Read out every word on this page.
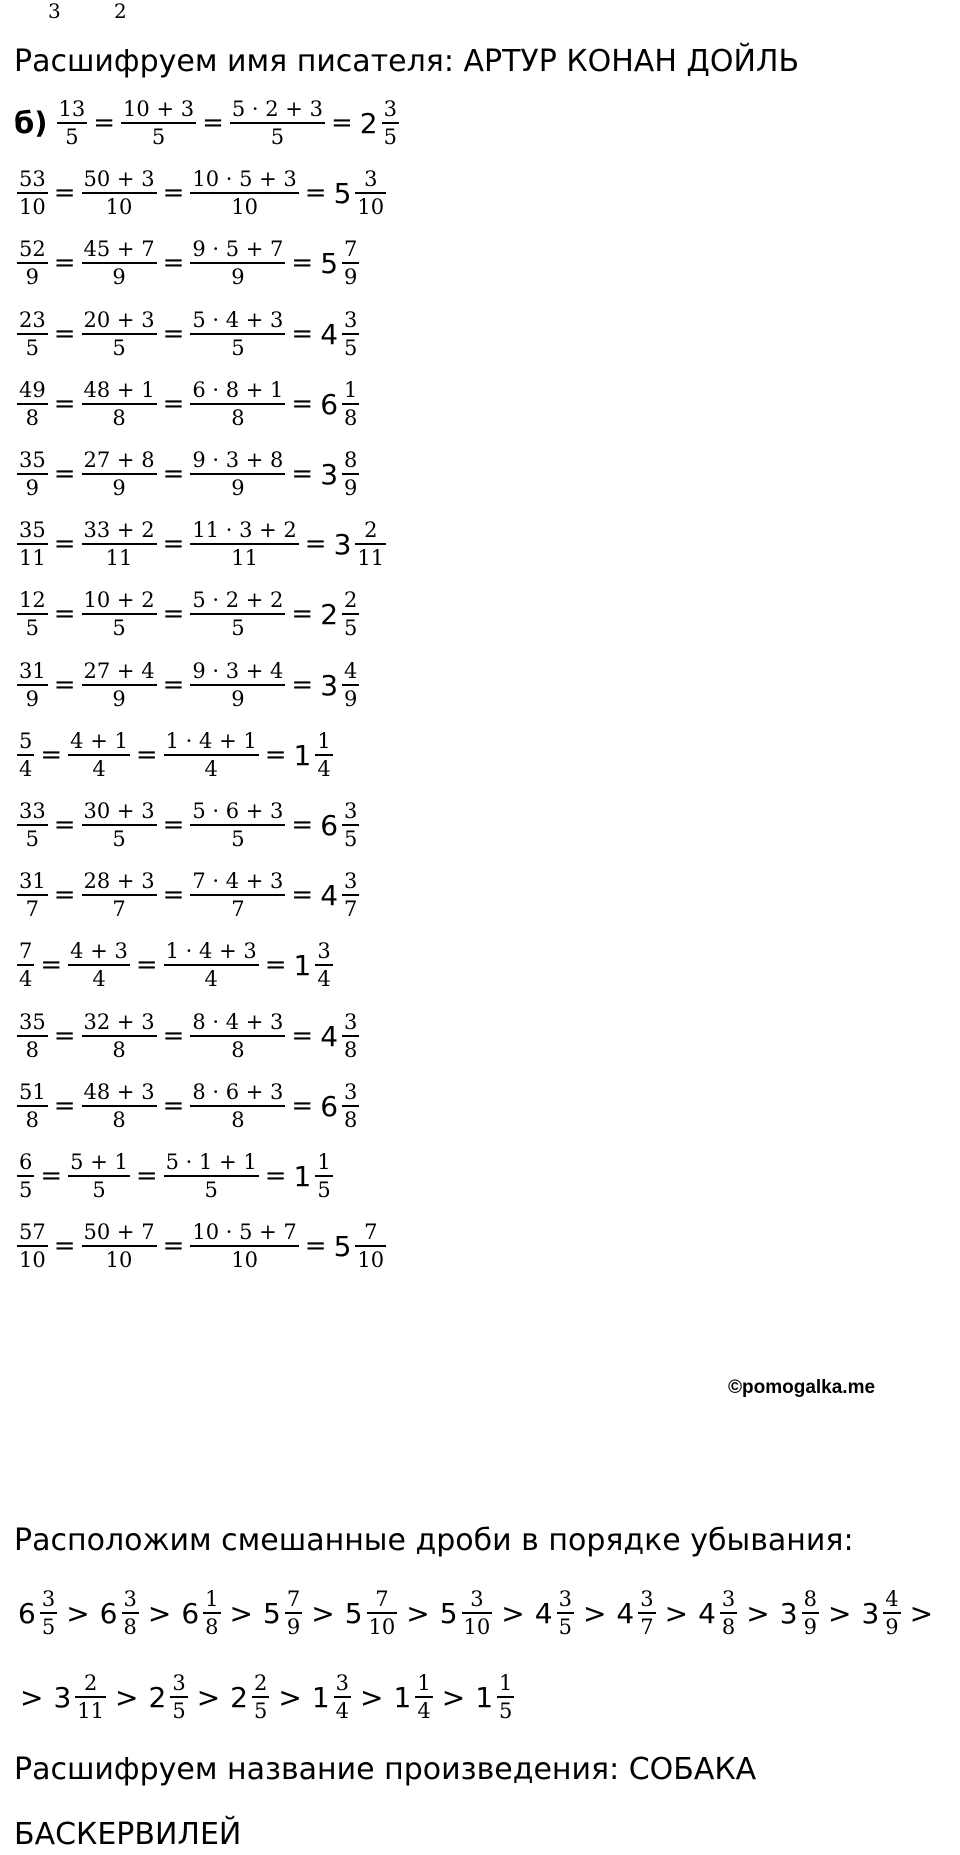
3	2
Расшифруем имя писателя: АРТУР КОНАН ДОЙЛЬ
$б) \frac{13}{5} = \frac{10 + 3}{5} = \frac{5 \cdot 2 + 3}{5} = 2 \frac{3}{5}$
$\frac{53}{10} = \frac{50 + 3}{10} = \frac{10 \cdot 5 + 3}{10} = 5 \frac{3}{10}$
$\frac{52}{9} = \frac{45 + 7}{9} = \frac{9 \cdot 5 + 7}{9} = 5 \frac{7}{9}$
$\frac{23}{5} = \frac{20 + 3}{5} = \frac{5 \cdot 4 + 3}{5} = 4 \frac{3}{5}$
$\frac{49}{8} = \frac{48 + 1}{8} = \frac{6 \cdot 8 + 1}{8} = 6 \frac{1}{8}$
$\frac{35}{9} = \frac{27 + 8}{9} = \frac{9 \cdot 3 + 8}{9} = 3 \frac{8}{9}$
$\frac{35}{11} = \frac{33 + 2}{11} = \frac{11 \cdot 3 + 2}{11} = 3 \frac{2}{11}$
$\frac{12}{5} = \frac{10 + 2}{5} = \frac{5 \cdot 2 + 2}{5} = 2 \frac{2}{5}$
$\frac{31}{9} = \frac{27 + 4}{9} = \frac{9 \cdot 3 + 4}{9} = 3 \frac{4}{9}$
$\frac{5}{4} = \frac{4 + 1}{4} = \frac{1 \cdot 4 + 1}{4} = 1 \frac{1}{4}$
$\frac{33}{5} = \frac{30 + 3}{5} = \frac{5 \cdot 6 + 3}{5} = 6 \frac{3}{5}$
$\frac{31}{7} = \frac{28 + 3}{7} = \frac{7 \cdot 4 + 3}{7} = 4 \frac{3}{7}$
$\frac{7}{4} = \frac{4 + 3}{4} = \frac{1 \cdot 4 + 3}{4} = 1 \frac{3}{4}$
$\frac{35}{8} = \frac{32 + 3}{8} = \frac{8 \cdot 4 + 3}{8} = 4 \frac{3}{8}$
$\frac{51}{8} = \frac{48 + 3}{8} = \frac{8 \cdot 6 + 3}{8} = 6 \frac{3}{8}$
$\frac{6}{5} = \frac{5 + 1}{5} = \frac{5 \cdot 1 + 1}{5} = 1 \frac{1}{5}$
$\frac{57}{10} = \frac{50 + 7}{10} = \frac{10 \cdot 5 + 7}{10} = 5 \frac{7}{10}$
©pomogalka.me
Расположим смешанные дроби в порядке убывания:
$6 \frac{3}{5} > 6 \frac{3}{8} > 6 \frac{1}{8} > 5 \frac{7}{9} > 5 \frac{7}{10} > 5 \frac{3}{10} > 4 \frac{3}{5} > 4 \frac{3}{7} > 4 \frac{3}{8} > 3 \frac{8}{9} > 3 \frac{4}{9}$ >
> $3 \frac{2}{11} > 2 \frac{3}{5} > 2 \frac{2}{5} > 1 \frac{3}{4} > 1 \frac{1}{4} > 1 \frac{1}{5}$
Расшифруем название произведения: СОБАКА
БАСКЕРВИЛЕЙ
